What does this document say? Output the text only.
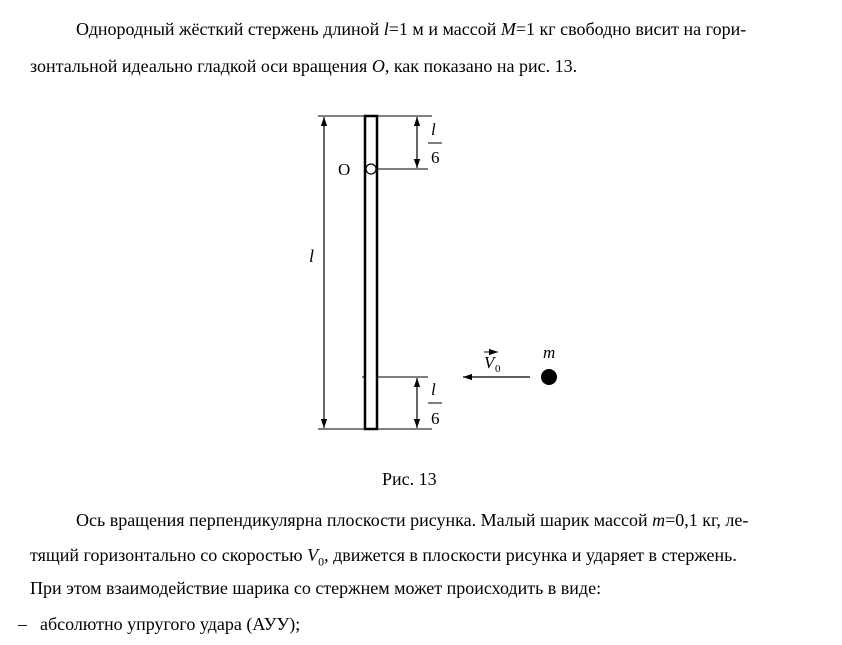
Однородный жёсткий стержень длиной l=1 м и массой M=1 кг свободно висит на гори-
зонтальной идеально гладкой оси вращения O, как показано на рис. 13.
O
l
l
6
l
6
V 0
m
Рис. 13
Ось вращения перпендикулярна плоскости рисунка. Малый шарик массой m=0,1 кг, ле-
тящий горизонтально со скоростью $V_0$, движется в плоскости рисунка и ударяет в стержень.
При этом взаимодействие шарика со стержнем может происходить в виде:
– абсолютно упругого удара (АУУ);
